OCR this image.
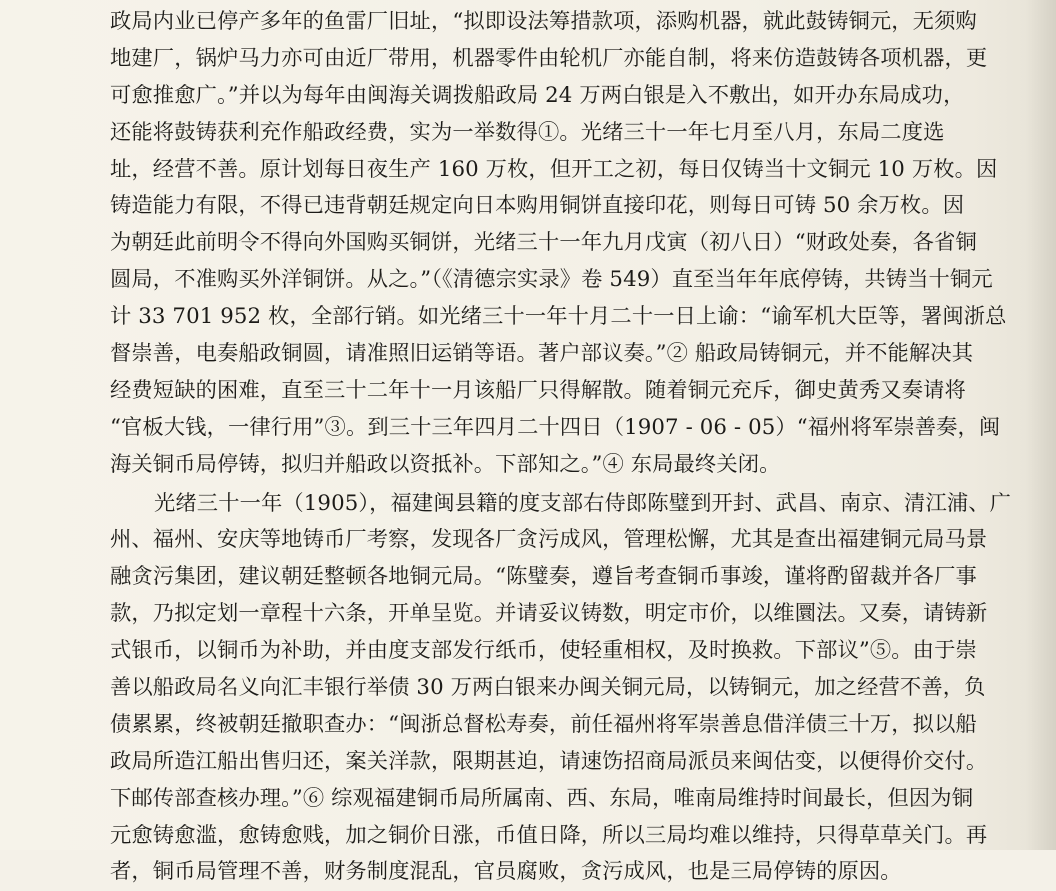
政局内业已停产多年的鱼雷厂旧址，“拟即设法筹措款项，添购机器，就此鼓铸铜元，无须购
地建厂，锅炉马力亦可由近厂带用，机器零件由轮机厂亦能自制，将来仿造鼓铸各项机器，更
可愈推愈广。”并以为每年由闽海关调拨船政局 24 万两白银是入不敷出，如开办东局成功，
还能将鼓铸获利充作船政经费，实为一举数得①。光绪三十一年七月至八月，东局二度选
址，经营不善。原计划每日夜生产 160 万枚，但开工之初，每日仅铸当十文铜元 10 万枚。因
铸造能力有限，不得已违背朝廷规定向日本购用铜饼直接印花，则每日可铸 50 余万枚。因
为朝廷此前明令不得向外国购买铜饼，光绪三十一年九月戊寅（初八日）“财政处奏，各省铜
圆局，不准购买外洋铜饼。从之。”（《清德宗实录》卷 549）直至当年年底停铸，共铸当十铜元
计 33 701 952 枚，全部行销。如光绪三十一年十月二十一日上谕：“谕军机大臣等，署闽浙总
督崇善，电奏船政铜圆，请准照旧运销等语。著户部议奏。”② 船政局铸铜元，并不能解决其
经费短缺的困难，直至三十二年十一月该船厂只得解散。随着铜元充斥，御史黄秀又奏请将
“官板大钱，一律行用”③。到三十三年四月二十四日（1907 - 06 - 05）“福州将军崇善奏，闽
海关铜币局停铸，拟归并船政以资抵补。下部知之。”④ 东局最终关闭。
光绪三十一年（1905），福建闽县籍的度支部右侍郎陈璧到开封、武昌、南京、清江浦、广
州、福州、安庆等地铸币厂考察，发现各厂贪污成风，管理松懈，尤其是查出福建铜元局马景
融贪污集团，建议朝廷整顿各地铜元局。“陈璧奏，遵旨考查铜币事竣，谨将酌留裁并各厂事
款，乃拟定划一章程十六条，开单呈览。并请妥议铸数，明定市价，以维圜法。又奏，请铸新
式银币，以铜币为补助，并由度支部发行纸币，使轻重相权，及时换救。下部议”⑤。由于崇
善以船政局名义向汇丰银行举债 30 万两白银来办闽关铜元局，以铸铜元，加之经营不善，负
债累累，终被朝廷撤职查办：“闽浙总督松寿奏，前任福州将军崇善息借洋债三十万，拟以船
政局所造江船出售归还，案关洋款，限期甚迫，请速饬招商局派员来闽估变，以便得价交付。
下邮传部查核办理。”⑥ 综观福建铜币局所属南、西、东局，唯南局维持时间最长，但因为铜
元愈铸愈滥，愈铸愈贱，加之铜价日涨，币值日降，所以三局均难以维持，只得草草关门。再
者，铜币局管理不善，财务制度混乱，官员腐败，贪污成风，也是三局停铸的原因。
